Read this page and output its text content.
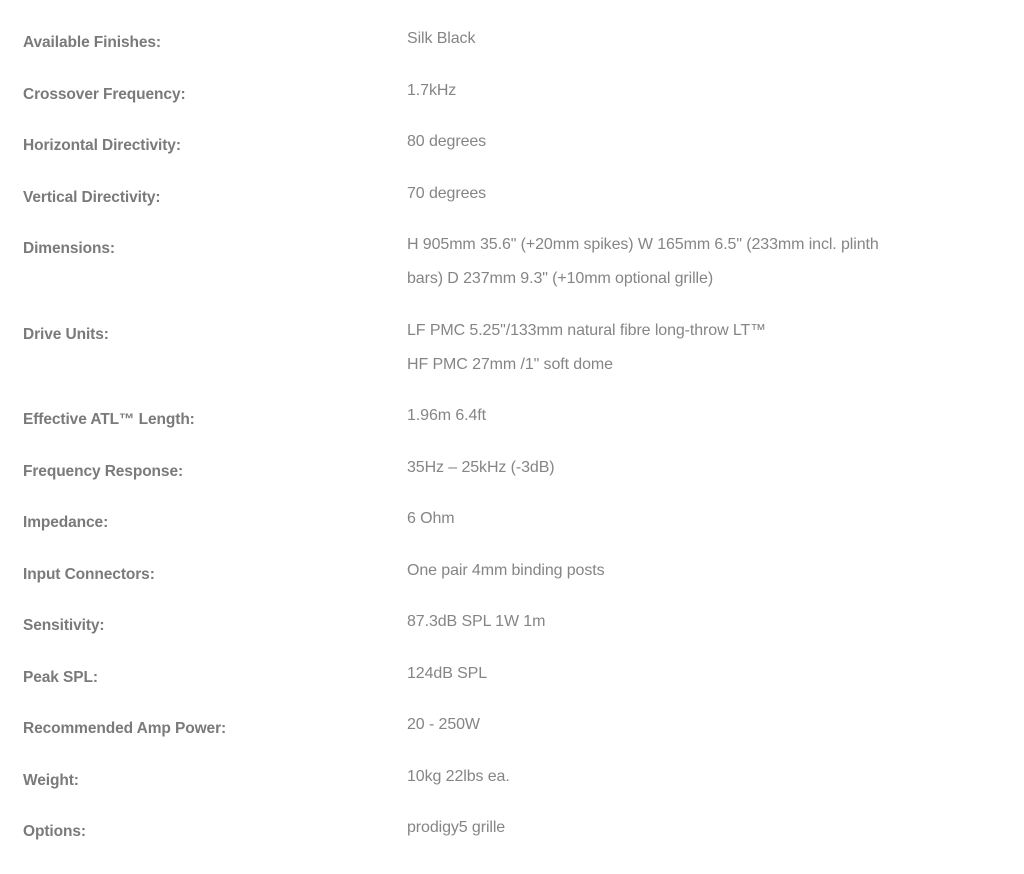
Available Finishes:	Silk Black
Crossover Frequency:	1.7kHz
Horizontal Directivity:	80 degrees
Vertical Directivity:	70 degrees
Dimensions:	H 905mm 35.6" (+20mm spikes) W 165mm 6.5" (233mm incl. plinth
bars) D 237mm 9.3" (+10mm optional grille)
Drive Units:	LF PMC 5.25"/133mm natural fibre long-throw LT™
HF PMC 27mm /1" soft dome
Effective ATL™ Length:	1.96m 6.4ft
Frequency Response:	35Hz – 25kHz (-3dB)
Impedance:	6 Ohm
Input Connectors:	One pair 4mm binding posts
Sensitivity:	87.3dB SPL 1W 1m
Peak SPL:	124dB SPL
Recommended Amp Power:	20 - 250W
Weight:	10kg 22lbs ea.
Options:	prodigy5 grille
